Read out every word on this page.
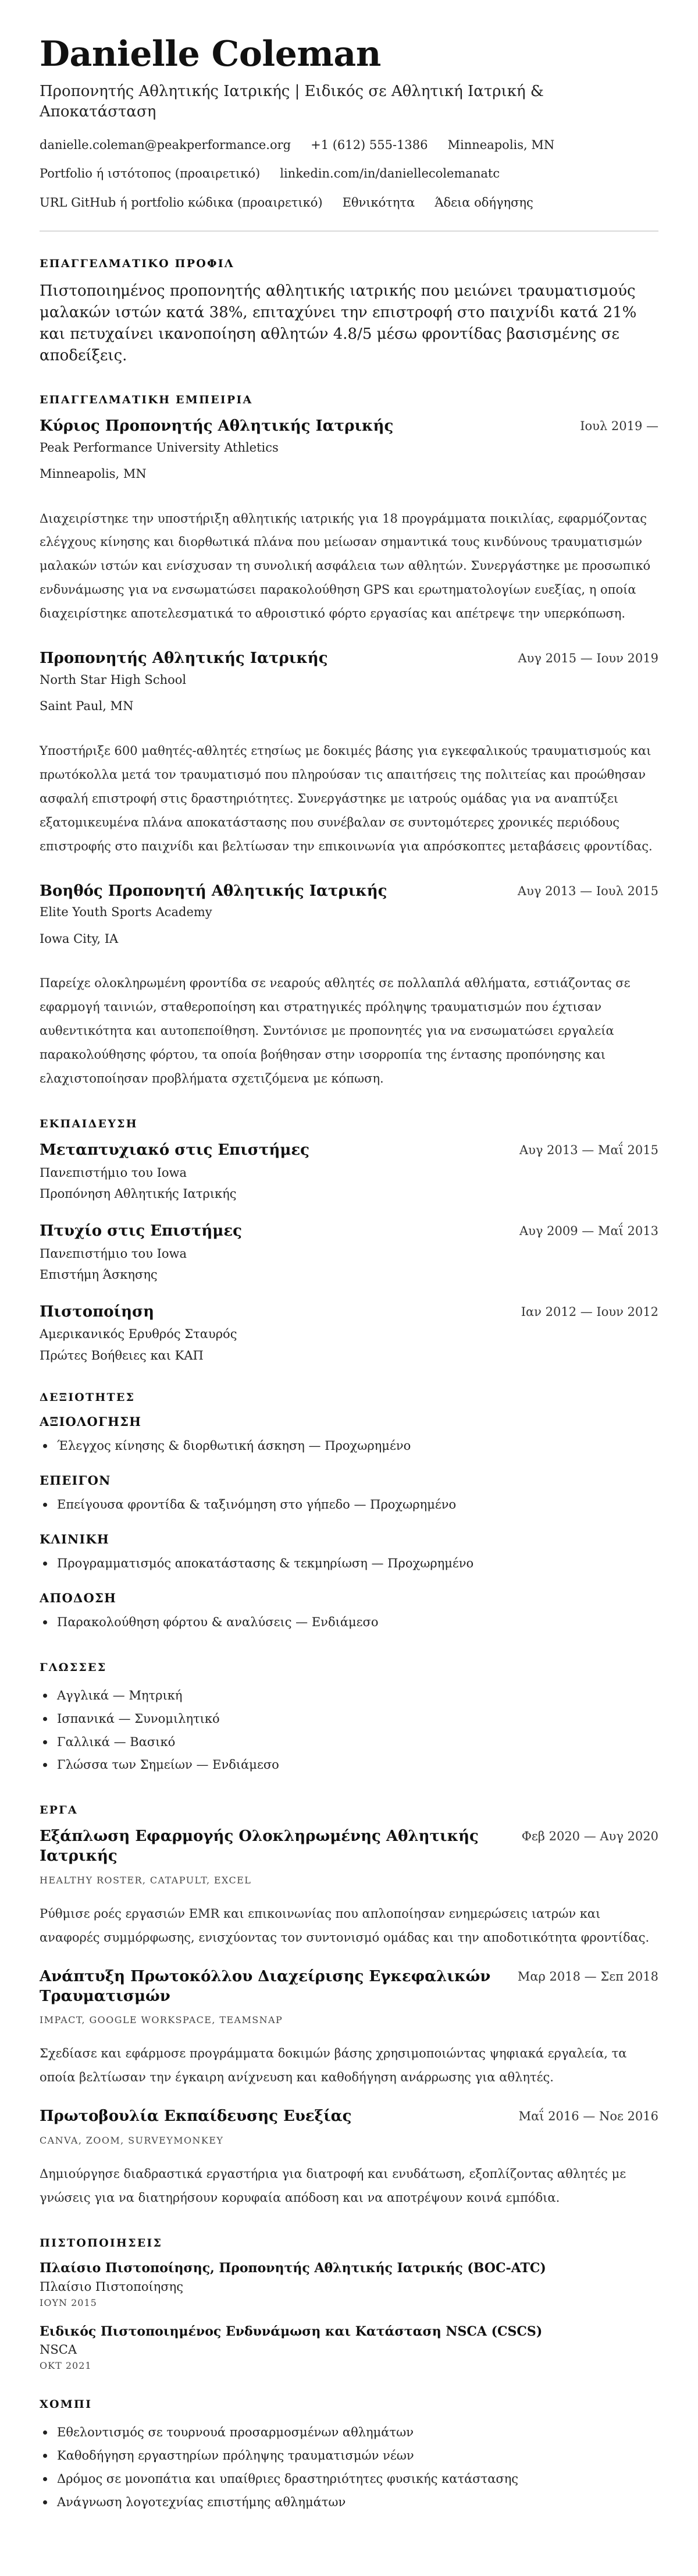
Danielle Coleman
Προπονητής Αθλητικής Ιατρικής | Ειδικός σε Αθλητική Ιατρική & Αποκατάσταση
danielle.coleman@peakperformance.org +1 (612) 555-1386 Minneapolis, MN
Portfolio ή ιστότοπος (προαιρετικό) linkedin.com/in/daniellecolemanatc
URL GitHub ή portfolio κώδικα (προαιρετικό) Εθνικότητα Άδεια οδήγησης
ΕΠΑΓΓΕΛΜΑΤΙΚΟ ΠΡΟΦΙΛ

Πιστοποιημένος προπονητής αθλητικής ιατρικής που μειώνει τραυματισμούς μαλακών ιστών κατά 38%, επιταχύνει την επιστροφή στο παιχνίδι κατά 21% και πετυχαίνει ικανοποίηση αθλητών 4.8/5 μέσω φροντίδας βασισμένης σε αποδείξεις.

ΕΠΑΓΓΕΛΜΑΤΙΚΗ ΕΜΠΕΙΡΙΑ
Κύριος Προπονητής Αθλητικής Ιατρικής	Ιουλ 2019 —
Peak Performance University Athletics
Minneapolis, MN

Διαχειρίστηκε την υποστήριξη αθλητικής ιατρικής για 18 προγράμματα ποικιλίας, εφαρμόζοντας ελέγχους κίνησης και διορθωτικά πλάνα που μείωσαν σημαντικά τους κινδύνους τραυματισμών μαλακών ιστών και ενίσχυσαν τη συνολική ασφάλεια των αθλητών. Συνεργάστηκε με προσωπικό ενδυνάμωσης για να ενσωματώσει παρακολούθηση GPS και ερωτηματολογίων ευεξίας, η οποία διαχειρίστηκε αποτελεσματικά το αθροιστικό φόρτο εργασίας και απέτρεψε την υπερκόπωση.

Προπονητής Αθλητικής Ιατρικής	Αυγ 2015 — Ιουν 2019
North Star High School
Saint Paul, MN

Υποστήριξε 600 μαθητές-αθλητές ετησίως με δοκιμές βάσης για εγκεφαλικούς τραυματισμούς και πρωτόκολλα μετά τον τραυματισμό που πληρούσαν τις απαιτήσεις της πολιτείας και προώθησαν ασφαλή επιστροφή στις δραστηριότητες. Συνεργάστηκε με ιατρούς ομάδας για να αναπτύξει εξατομικευμένα πλάνα αποκατάστασης που συνέβαλαν σε συντομότερες χρονικές περιόδους επιστροφής στο παιχνίδι και βελτίωσαν την επικοινωνία για απρόσκοπτες μεταβάσεις φροντίδας.

Βοηθός Προπονητή Αθλητικής Ιατρικής	Αυγ 2013 — Ιουλ 2015
Elite Youth Sports Academy
Iowa City, IA

Παρείχε ολοκληρωμένη φροντίδα σε νεαρούς αθλητές σε πολλαπλά αθλήματα, εστιάζοντας σε εφαρμογή ταινιών, σταθεροποίηση και στρατηγικές πρόληψης τραυματισμών που έχτισαν αυθεντικότητα και αυτοπεποίθηση. Συντόνισε με προπονητές για να ενσωματώσει εργαλεία παρακολούθησης φόρτου, τα οποία βοήθησαν στην ισορροπία της έντασης προπόνησης και ελαχιστοποίησαν προβλήματα σχετιζόμενα με κόπωση.

ΕΚΠΑΙΔΕΥΣΗ
Μεταπτυχιακό στις Επιστήμες	Αυγ 2013 — Μαΐ 2015
Πανεπιστήμιο του Iowa
Προπόνηση Αθλητικής Ιατρικής
Πτυχίο στις Επιστήμες	Αυγ 2009 — Μαΐ 2013
Πανεπιστήμιο του Iowa
Επιστήμη Άσκησης
Πιστοποίηση	Ιαν 2012 — Ιουν 2012
Αμερικανικός Ερυθρός Σταυρός
Πρώτες Βοήθειες και ΚΑΠ
ΔΕΞΙΟΤΗΤΕΣ
ΑΞΙΟΛΟΓΗΣΗ
Έλεγχος κίνησης & διορθωτική άσκηση — Προχωρημένο
ΕΠΕΙΓΟΝ
Επείγουσα φροντίδα & ταξινόμηση στο γήπεδο — Προχωρημένο
ΚΛΙΝΙΚΗ
Προγραμματισμός αποκατάστασης & τεκμηρίωση — Προχωρημένο
ΑΠΟΔΟΣΗ
Παρακολούθηση φόρτου & αναλύσεις — Ενδιάμεσο
ΓΛΩΣΣΕΣ
Αγγλικά — Μητρική
Ισπανικά — Συνομιλητικό
Γαλλικά — Βασικό
Γλώσσα των Σημείων — Ενδιάμεσο
ΕΡΓΑ
Εξάπλωση Εφαρμογής Ολοκληρωμένης Αθλητικής Ιατρικής
Φεβ 2020 — Αυγ 2020
HEALTHY ROSTER, CATAPULT, EXCEL

Ρύθμισε ροές εργασιών EMR και επικοινωνίας που απλοποίησαν ενημερώσεις ιατρών και αναφορές συμμόρφωσης, ενισχύοντας τον συντονισμό ομάδας και την αποδοτικότητα φροντίδας.

Ανάπτυξη Πρωτοκόλλου Διαχείρισης Εγκεφαλικών Τραυματισμών
Μαρ 2018 — Σεπ 2018
IMPACT, GOOGLE WORKSPACE, TEAMSNAP

Σχεδίασε και εφάρμοσε προγράμματα δοκιμών βάσης χρησιμοποιώντας ψηφιακά εργαλεία, τα οποία βελτίωσαν την έγκαιρη ανίχνευση και καθοδήγηση ανάρρωσης για αθλητές.

Πρωτοβουλία Εκπαίδευσης Ευεξίας	Μαΐ 2016 — Νοε 2016
CANVA, ZOOM, SURVEYMONKEY

Δημιούργησε διαδραστικά εργαστήρια για διατροφή και ενυδάτωση, εξοπλίζοντας αθλητές με γνώσεις για να διατηρήσουν κορυφαία απόδοση και να αποτρέψουν κοινά εμπόδια.

ΠΙΣΤΟΠΟΙΗΣΕΙΣ
Πλαίσιο Πιστοποίησης, Προπονητής Αθλητικής Ιατρικής (BOC-ATC)
Πλαίσιο Πιστοποίησης
ΙΟΥΝ 2015
Ειδικός Πιστοποιημένος Ενδυνάμωση και Κατάσταση NSCA (CSCS)
NSCA
ΟΚΤ 2021
ΧΟΜΠΙ
Εθελοντισμός σε τουρνουά προσαρμοσμένων αθλημάτων
Καθοδήγηση εργαστηρίων πρόληψης τραυματισμών νέων
Δρόμος σε μονοπάτια και υπαίθριες δραστηριότητες φυσικής κατάστασης
Ανάγνωση λογοτεχνίας επιστήμης αθλημάτων
